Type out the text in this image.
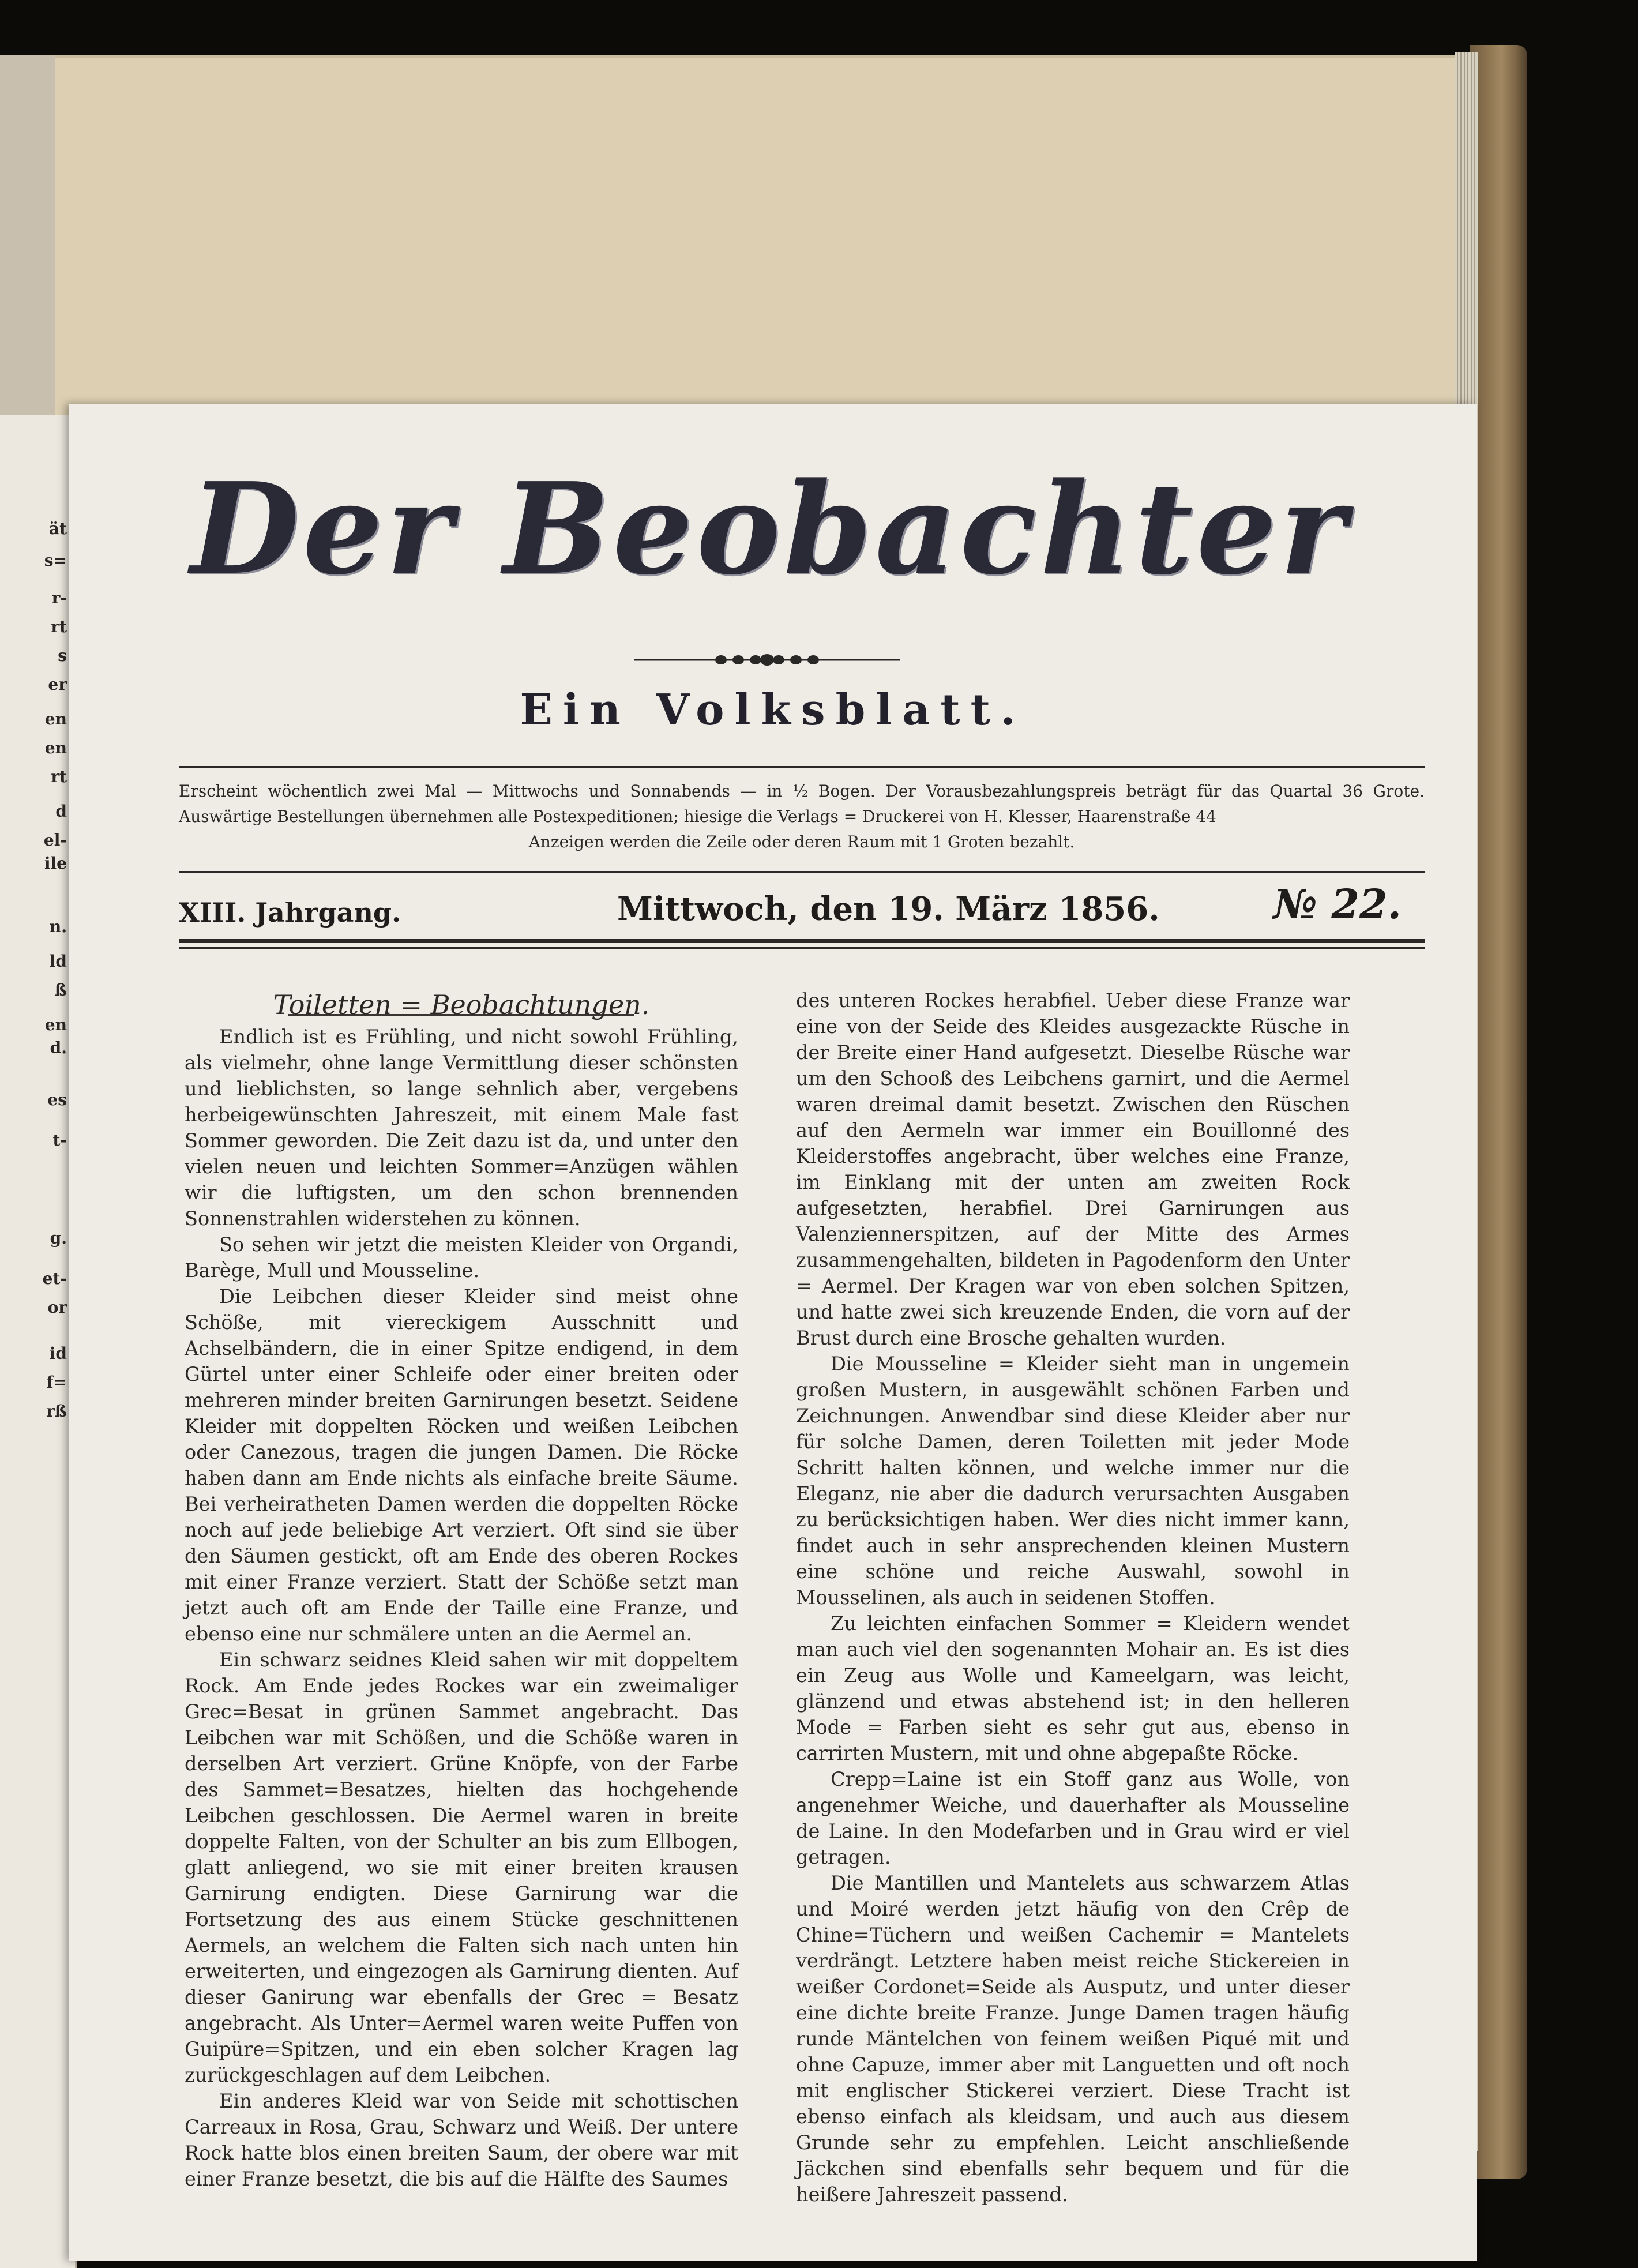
ät
s=
r-
rt
s
er
en
en
rt
d
el-
ile
n.
ld
ß
en
d.
es
t-
g.
et-
or
id
f=
rß
Der Beobachter
Ein Volksblatt.
Erscheint wöchentlich zwei Mal — Mittwochs und Sonnabends — in ½ Bogen. Der Vorausbezahlungspreis beträgt für das Quartal 36 Grote. Auswärtige Bestellungen übernehmen alle Postexpeditionen; hiesige die Verlags = Druckerei von H. Klesser, Haarenstraße 44
Anzeigen werden die Zeile oder deren Raum mit 1 Groten bezahlt.
XIII. Jahrgang.	Mittwoch, den 19. März 1856.	№ 22.

Toiletten = Beobachtungen.

Endlich ist es Frühling, und nicht sowohl Frühling, als vielmehr, ohne lange Vermittlung dieser schönsten und lieblichsten, so lange sehnlich aber, vergebens herbeigewünschten Jahreszeit, mit einem Male fast Sommer geworden. Die Zeit dazu ist da, und unter den vielen neuen und leichten Sommer=Anzügen wählen wir die luftigsten, um den schon brennenden Sonnenstrahlen widerstehen zu können.

So sehen wir jetzt die meisten Kleider von Organdi, Barège, Mull und Mousseline.

Die Leibchen dieser Kleider sind meist ohne Schöße, mit viereckigem Ausschnitt und Achselbändern, die in einer Spitze endigend, in dem Gürtel unter einer Schleife oder einer breiten oder mehreren minder breiten Garnirungen besetzt. Seidene Kleider mit doppelten Röcken und weißen Leibchen oder Canezous, tragen die jungen Damen. Die Röcke haben dann am Ende nichts als einfache breite Säume. Bei verheiratheten Damen werden die doppelten Röcke noch auf jede beliebige Art verziert. Oft sind sie über den Säumen gestickt, oft am Ende des oberen Rockes mit einer Franze verziert. Statt der Schöße setzt man jetzt auch oft am Ende der Taille eine Franze, und ebenso eine nur schmälere unten an die Aermel an.

Ein schwarz seidnes Kleid sahen wir mit doppeltem Rock. Am Ende jedes Rockes war ein zweimaliger Grec=Besat in grünen Sammet angebracht. Das Leibchen war mit Schößen, und die Schöße waren in derselben Art verziert. Grüne Knöpfe, von der Farbe des Sammet=Besatzes, hielten das hochgehende Leibchen geschlossen. Die Aermel waren in breite doppelte Falten, von der Schulter an bis zum Ellbogen, glatt anliegend, wo sie mit einer breiten krausen Garnirung endigten. Diese Garnirung war die Fortsetzung des aus einem Stücke geschnittenen Aermels, an welchem die Falten sich nach unten hin erweiterten, und eingezogen als Garnirung dienten. Auf dieser Ganirung war ebenfalls der Grec = Besatz angebracht. Als Unter=Aermel waren weite Puffen von Guipüre=Spitzen, und ein eben solcher Kragen lag zurückgeschlagen auf dem Leibchen.

Ein anderes Kleid war von Seide mit schottischen Carreaux in Rosa, Grau, Schwarz und Weiß. Der untere Rock hatte blos einen breiten Saum, der obere war mit einer Franze besetzt, die bis auf die Hälfte des Saumes

des unteren Rockes herabfiel. Ueber diese Franze war eine von der Seide des Kleides ausgezackte Rüsche in der Breite einer Hand aufgesetzt. Dieselbe Rüsche war um den Schooß des Leibchens garnirt, und die Aermel waren dreimal damit besetzt. Zwischen den Rüschen auf den Aermeln war immer ein Bouillonné des Kleiderstoffes angebracht, über welches eine Franze, im Einklang mit der unten am zweiten Rock aufgesetzten, herabfiel. Drei Garnirungen aus Valenziennerspitzen, auf der Mitte des Armes zusammengehalten, bildeten in Pagodenform den Unter = Aermel. Der Kragen war von eben solchen Spitzen, und hatte zwei sich kreuzende Enden, die vorn auf der Brust durch eine Brosche gehalten wurden.

Die Mousseline = Kleider sieht man in ungemein großen Mustern, in ausgewählt schönen Farben und Zeichnungen. Anwendbar sind diese Kleider aber nur für solche Damen, deren Toiletten mit jeder Mode Schritt halten können, und welche immer nur die Eleganz, nie aber die dadurch verursachten Ausgaben zu berücksichtigen haben. Wer dies nicht immer kann, findet auch in sehr ansprechenden kleinen Mustern eine schöne und reiche Auswahl, sowohl in Mousselinen, als auch in seidenen Stoffen.

Zu leichten einfachen Sommer = Kleidern wendet man auch viel den sogenannten Mohair an. Es ist dies ein Zeug aus Wolle und Kameelgarn, was leicht, glänzend und etwas abstehend ist; in den helleren Mode = Farben sieht es sehr gut aus, ebenso in carrirten Mustern, mit und ohne abgepaßte Röcke.

Crepp=Laine ist ein Stoff ganz aus Wolle, von angenehmer Weiche, und dauerhafter als Mousseline de Laine. In den Modefarben und in Grau wird er viel getragen.

Die Mantillen und Mantelets aus schwarzem Atlas und Moiré werden jetzt häufig von den Crêp de Chine=Tüchern und weißen Cachemir = Mantelets verdrängt. Letztere haben meist reiche Stickereien in weißer Cordonet=Seide als Ausputz, und unter dieser eine dichte breite Franze. Junge Damen tragen häufig runde Mäntelchen von feinem weißen Piqué mit und ohne Capuze, immer aber mit Languetten und oft noch mit englischer Stickerei verziert. Diese Tracht ist ebenso einfach als kleidsam, und auch aus diesem Grunde sehr zu empfehlen. Leicht anschließende Jäckchen sind ebenfalls sehr bequem und für die heißere Jahreszeit passend.
